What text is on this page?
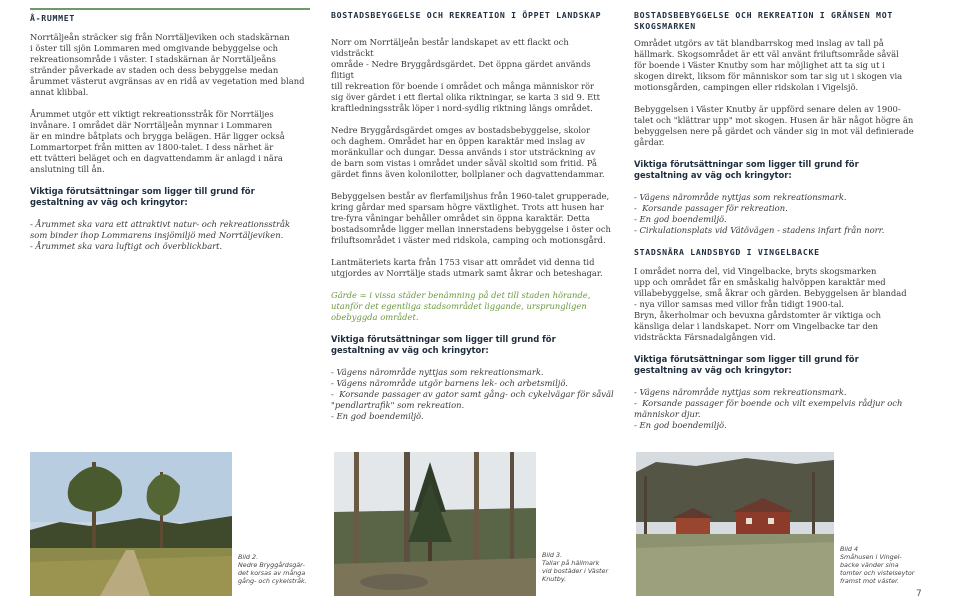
Å-RUMMET
Norrtäljeån sträcker sig från Norrtäljeviken och stadskärnan
i öster till sjön Lommaren med omgivande bebyggelse och
rekreationsområde i väster. I stadskärnan är Norrtäljeåns
stränder påverkade av staden och dess bebyggelse medan
årummet västerut avgränsas av en ridå av vegetation med bland
annat klibbal.
Årummet utgör ett viktigt rekreationsstråk för Norrtäljes
invånare. I området där Norrtäljeån mynnar i Lommaren
är en mindre båtplats och brygga belägen. Här ligger också
Lommartorpet från mitten av 1800-talet. I dess närhet är
ett tvätteri beläget och en dagvattendamm är anlagd i nära
anslutning till ån.
Viktiga förutsättningar som ligger till grund för gestaltning av väg och kringytor:
- Årummet ska vara ett attraktivt natur- och rekreationsstråk
som binder ihop Lommarens insjömiljö med Norrtäljeviken.
- Årummet ska vara luftigt och överblickbart.
BOSTADSBEYGGELSE OCH REKREATION I ÖPPET LANDSKAP
Norr om Norrtäljeån består landskapet av ett flackt och vidsträckt
område - Nedre Bryggårdsgärdet. Det öppna gärdet används flitigt
till rekreation för boende i området och många människor rör
sig över gärdet i ett flertal olika riktningar, se karta 3 sid 9. Ett
kraftledningsstråk löper i nord-sydlig riktning längs området.
Nedre Bryggårdsgärdet omges av bostadsbebyggelse, skolor
och daghem. Området har en öppen karaktär med inslag av
moränkullar och dungar. Dessa används i stor utsträckning av
de barn som vistas i området under såväl skoltid som fritid. På
gärdet finns även kolonilotter, bollplaner och dagvattendammar.
Bebyggelsen består av flerfamiljshus från 1960-talet grupperade,
kring gårdar med sparsam högre växtlighet. Trots att husen har
tre-fyra våningar behåller området sin öppna karaktär. Detta
bostadsområde ligger mellan innerstadens bebyggelse i öster och
friluftsområdet i väster med ridskola, camping och motionsgård.
Lantmäteriets karta från 1753 visar att området vid denna tid
utgjordes av Norrtälje stads utmark samt åkrar och beteshagar.
Gärde = i vissa städer benämning på det till staden hörande,
utanför det egentliga stadsområdet liggande, ursprungligen
obebyggda området.
Viktiga förutsättningar som ligger till grund för gestaltning av väg och kringytor:
- Vägens närområde nyttjas som rekreationsmark.
- Vägens närområde utgör barnens lek- och arbetsmiljö.
-  Korsande passager av gator samt gång- och cykelvägar för såväl
"pendlartrafik" som rekreation.
- En god boendemiljö.
BOSTADSBEBYGGELSE OCH REKREATION I GRÄNSEN MOT SKOGSMARKEN
Området utgörs av tät blandbarrskog med inslag av tall på
hällmark. Skogsområdet är ett väl använt friluftsområde såväl
för boende i Väster Knutby som har möjlighet att ta sig ut i
skogen direkt, liksom för människor som tar sig ut i skogen via
motionsgården, campingen eller ridskolan i Vigelsjö.
Bebyggelsen i Väster Knutby är uppförd senare delen av 1900-
talet och "klättrar upp" mot skogen. Husen är här något högre än
bebyggelsen nere på gärdet och vänder sig in mot väl definierade
gårdar.
Viktiga förutsättningar som ligger till grund för gestaltning av väg och kringytor:
- Vägens närområde nyttjas som rekreationsmark.
-  Korsande passager för rekreation.
- En god boendemiljö.
- Cirkulationsplats vid Vätövägen - stadens infart från norr.
STADSNÄRA LANDSBYGD I VINGELBACKE
I området norra del, vid Vingelbacke, bryts skogsmarken
upp och området får en småskalig halvöppen karaktär med
villabebyggelse, små åkrar och gärden. Bebyggelsen är blandad
- nya villor samsas med villor från tidigt 1900-tal.
Bryn, åkerholmar och bevuxna gårdstomter är viktiga och
känsliga delar i landskapet. Norr om Vingelbacke tar den
vidsträckta Färsnadalgången vid.
Viktiga förutsättningar som ligger till grund för gestaltning av väg och kringytor:
- Vägens närområde nyttjas som rekreationsmark.
-  Korsande passager för boende och vilt exempelvis rådjur och
människor djur.
- En god boendemiljö.
Bild 2.
Nedre Bryggårdsgär-
det korsas av många
gång- och cykelstråk.
Bild 3.
Tallar på hällmark
vid bostäder i Väster
Knutby.
Bild 4
Småhusen i Vingel-
backe vänder sina
tomter och vistelseytor
framst mot väster.
7
